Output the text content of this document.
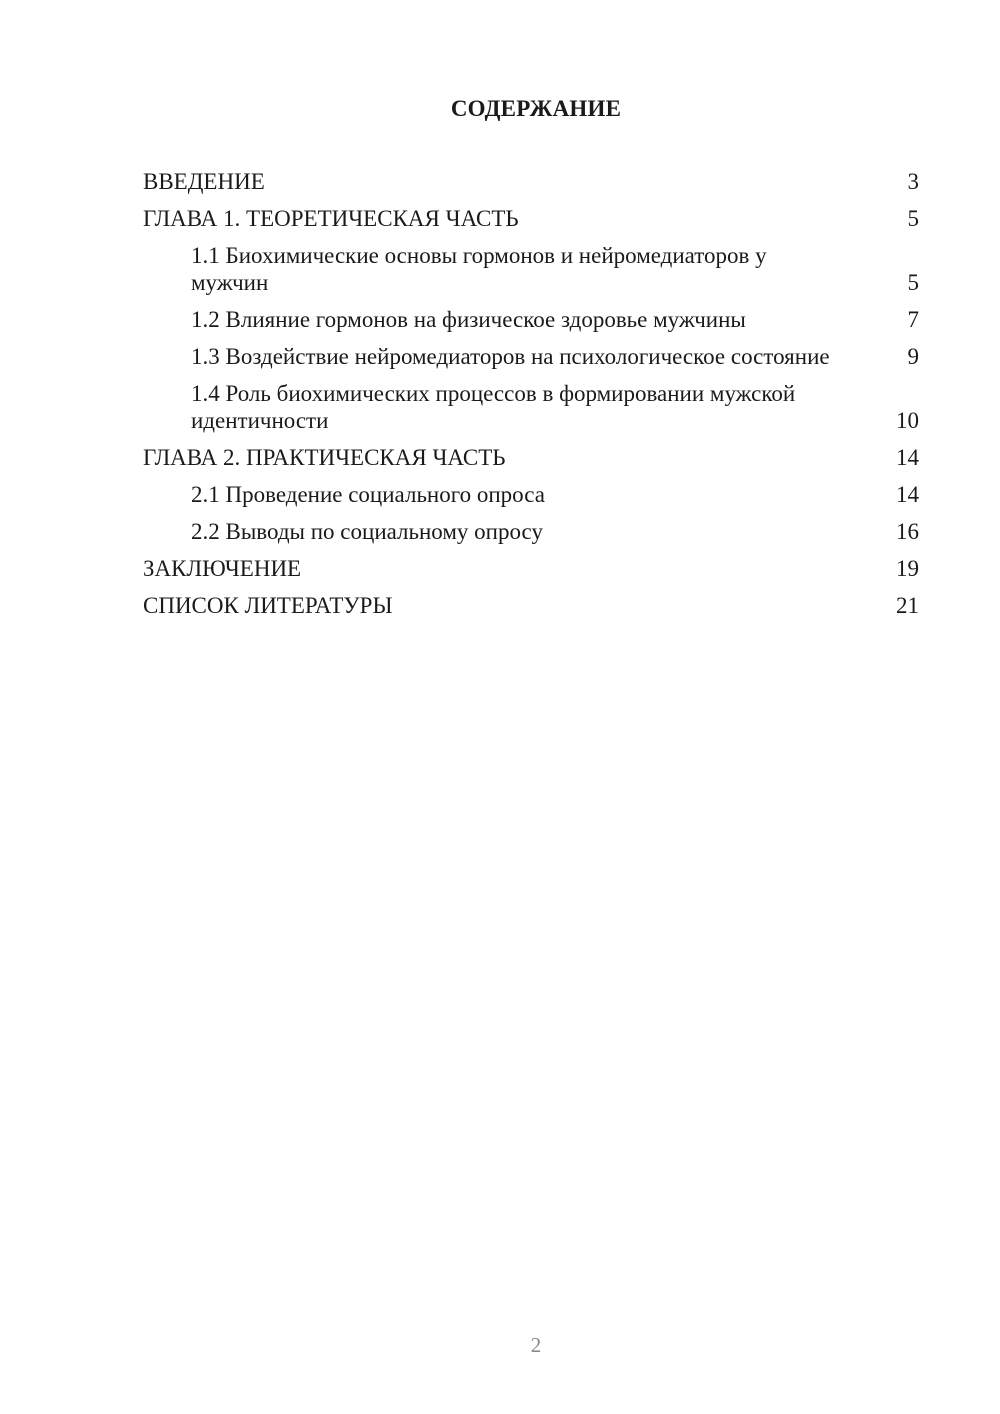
СОДЕРЖАНИЕ
ВВЕДЕНИЕ	3
ГЛАВА 1. ТЕОРЕТИЧЕСКАЯ ЧАСТЬ	5
1.1 Биохимические основы гормонов и нейромедиаторов у мужчин	5
1.2 Влияние гормонов на физическое здоровье мужчины	7
1.3 Воздействие нейромедиаторов на психологическое состояние	9
1.4 Роль биохимических процессов в формировании мужской идентичности	10
ГЛАВА 2. ПРАКТИЧЕСКАЯ ЧАСТЬ	14
2.1 Проведение социального опроса	14
2.2 Выводы по социальному опросу	16
ЗАКЛЮЧЕНИЕ	19
СПИСОК ЛИТЕРАТУРЫ	21
2
